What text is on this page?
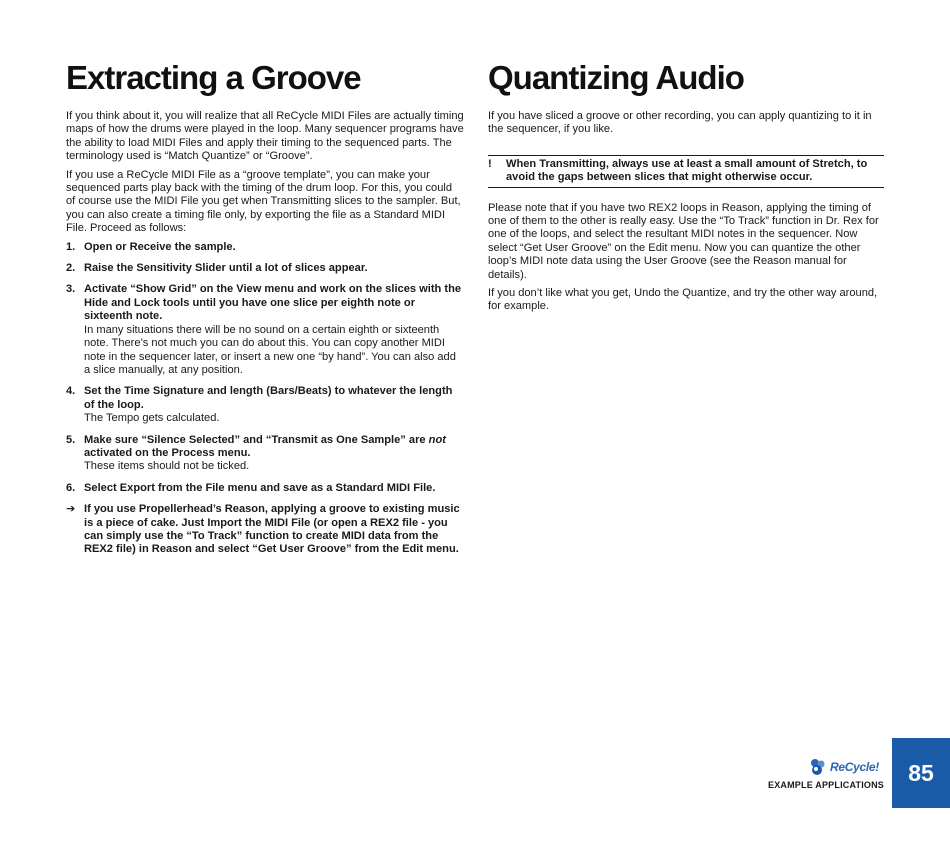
Extracting a Groove

If you think about it, you will realize that all ReCycle MIDI Files are actually timing maps of how the drums were played in the loop. Many sequencer programs have the ability to load MIDI Files and apply their timing to the sequenced parts. The terminology used is “Match Quantize” or “Groove”.

If you use a ReCycle MIDI File as a “groove template”, you can make your sequenced parts play back with the timing of the drum loop. For this, you could of course use the MIDI File you get when Transmitting slices to the sampler. But, you can also create a timing file only, by exporting the file as a Standard MIDI File. Proceed as follows:

1. Open or Receive the sample.
2. Raise the Sensitivity Slider until a lot of slices appear.
3. Activate “Show Grid” on the View menu and work on the slices with the Hide and Lock tools until you have one slice per eighth note or sixteenth note.
In many situations there will be no sound on a certain eighth or sixteenth note. There’s not much you can do about this. You can copy another MIDI note in the sequencer later, or insert a new one “by hand”. You can also add a slice manually, at any position.
4. Set the Time Signature and length (Bars/Beats) to whatever the length of the loop.
The Tempo gets calculated.
5. Make sure “Silence Selected” and “Transmit as One Sample” are not activated on the Process menu.
These items should not be ticked.
6. Select Export from the File menu and save as a Standard MIDI File.
➔ If you use Propellerhead’s Reason, applying a groove to existing music is a piece of cake. Just Import the MIDI File (or open a REX2 file - you can simply use the “To Track” function to create MIDI data from the REX2 file) in Reason and select “Get User Groove” from the Edit menu.
Quantizing Audio

If you have sliced a groove or other recording, you can apply quantizing to it in the sequencer, if you like.

! When Transmitting, always use at least a small amount of Stretch, to avoid the gaps between slices that might otherwise occur.

Please note that if you have two REX2 loops in Reason, applying the timing of one of them to the other is really easy. Use the “To Track” function in Dr. Rex for one of the loops, and select the resultant MIDI notes in the sequencer. Now select “Get User Groove” on the Edit menu. Now you can quantize the other loop’s MIDI note data using the User Groove (see the Reason manual for details).

If you don’t like what you get, Undo the Quantize, and try the other way around, for example.

ReCycle!
EXAMPLE APPLICATIONS 85
